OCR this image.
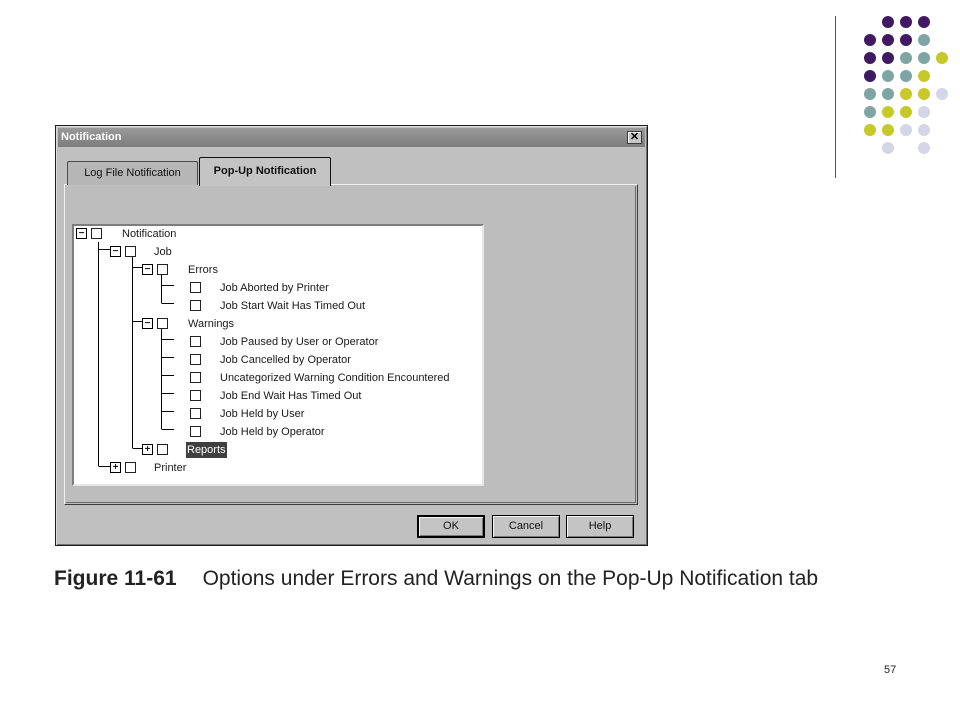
Notification	✕
Log File Notification	Pop-Up Notification
−	Notification
−	Job
−	Errors
Job Aborted by Printer
Job Start Wait Has Timed Out
−	Warnings
Job Paused by User or Operator
Job Cancelled by Operator
Uncategorized Warning Condition Encountered
Job End Wait Has Timed Out
Job Held by User
Job Held by Operator
+	Reports
+	Printer
OK	Cancel	Help
Figure 11-61 Options under Errors and Warnings on the Pop-Up Notification tab
57
